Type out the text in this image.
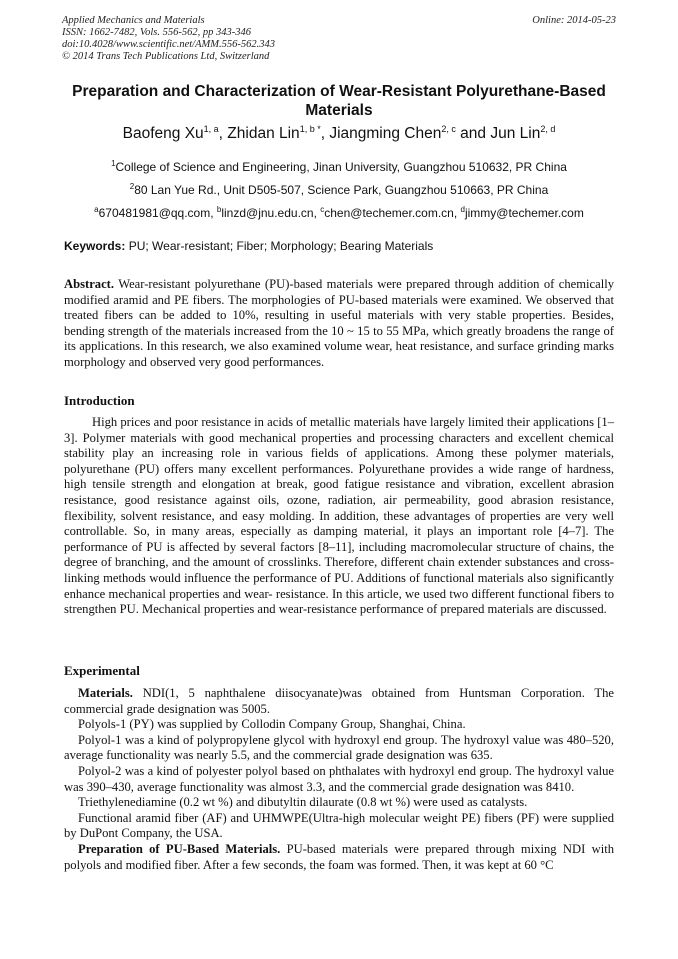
Applied Mechanics and Materials
ISSN: 1662-7482, Vols. 556-562, pp 343-346
doi:10.4028/www.scientific.net/AMM.556-562.343
© 2014 Trans Tech Publications Ltd, Switzerland
Online: 2014-05-23
Preparation and Characterization of Wear-Resistant Polyurethane-Based Materials
Baofeng Xu$^{1, a}$, Zhidan Lin$^{1, b *}$, Jiangming Chen$^{2, c}$ and Jun Lin$^{2, d}$
$^1$College of Science and Engineering, Jinan University, Guangzhou 510632, PR China
$^2$80 Lan Yue Rd., Unit D505-507, Science Park, Guangzhou 510663, PR China
$^a$670481981@qq.com, $^b$linzd@jnu.edu.cn, $^c$chen@techemer.com.cn, $^d$jimmy@techemer.com
Keywords: PU; Wear-resistant; Fiber; Morphology; Bearing Materials
Abstract. Wear-resistant polyurethane (PU)-based materials were prepared through addition of chemically modified aramid and PE fibers. The morphologies of PU-based materials were examined. We observed that treated fibers can be added to 10%, resulting in useful materials with very stable properties. Besides, bending strength of the materials increased from the 10 ~ 15 to 55 MPa, which greatly broadens the range of its applications. In this research, we also examined volume wear, heat resistance, and surface grinding marks morphology and observed very good performances.
Introduction
High prices and poor resistance in acids of metallic materials have largely limited their applications [1–3]. Polymer materials with good mechanical properties and processing characters and excellent chemical stability play an increasing role in various fields of applications. Among these polymer materials, polyurethane (PU) offers many excellent performances. Polyurethane provides a wide range of hardness, high tensile strength and elongation at break, good fatigue resistance and vibration, excellent abrasion resistance, good resistance against oils, ozone, radiation, air permeability, good abrasion resistance, flexibility, solvent resistance, and easy molding. In addition, these advantages of properties are very well controllable. So, in many areas, especially as damping material, it plays an important role [4–7]. The performance of PU is affected by several factors [8–11], including macromolecular structure of chains, the degree of branching, and the amount of crosslinks. Therefore, different chain extender substances and cross-linking methods would influence the performance of PU. Additions of functional materials also significantly enhance mechanical properties and wear- resistance. In this article, we used two different functional fibers to strengthen PU. Mechanical properties and wear-resistance performance of prepared materials are discussed.
Experimental

Materials. NDI(1, 5 naphthalene diisocyanate)was obtained from Huntsman Corporation. The commercial grade designation was 5005.

Polyols-1 (PY) was supplied by Collodin Company Group, Shanghai, China.

Polyol-1 was a kind of polypropylene glycol with hydroxyl end group. The hydroxyl value was 480–520, average functionality was nearly 5.5, and the commercial grade designation was 635.

Polyol-2 was a kind of polyester polyol based on phthalates with hydroxyl end group. The hydroxyl value was 390–430, average functionality was almost 3.3, and the commercial grade designation was 8410.

Triethylenediamine (0.2 wt %) and dibutyltin dilaurate (0.8 wt %) were used as catalysts.

Functional aramid fiber (AF) and UHMWPE(Ultra-high molecular weight PE) fibers (PF) were supplied by DuPont Company, the USA.

Preparation of PU-Based Materials. PU-based materials were prepared through mixing NDI with polyols and modified fiber. After a few seconds, the foam was formed. Then, it was kept at 60 °C
